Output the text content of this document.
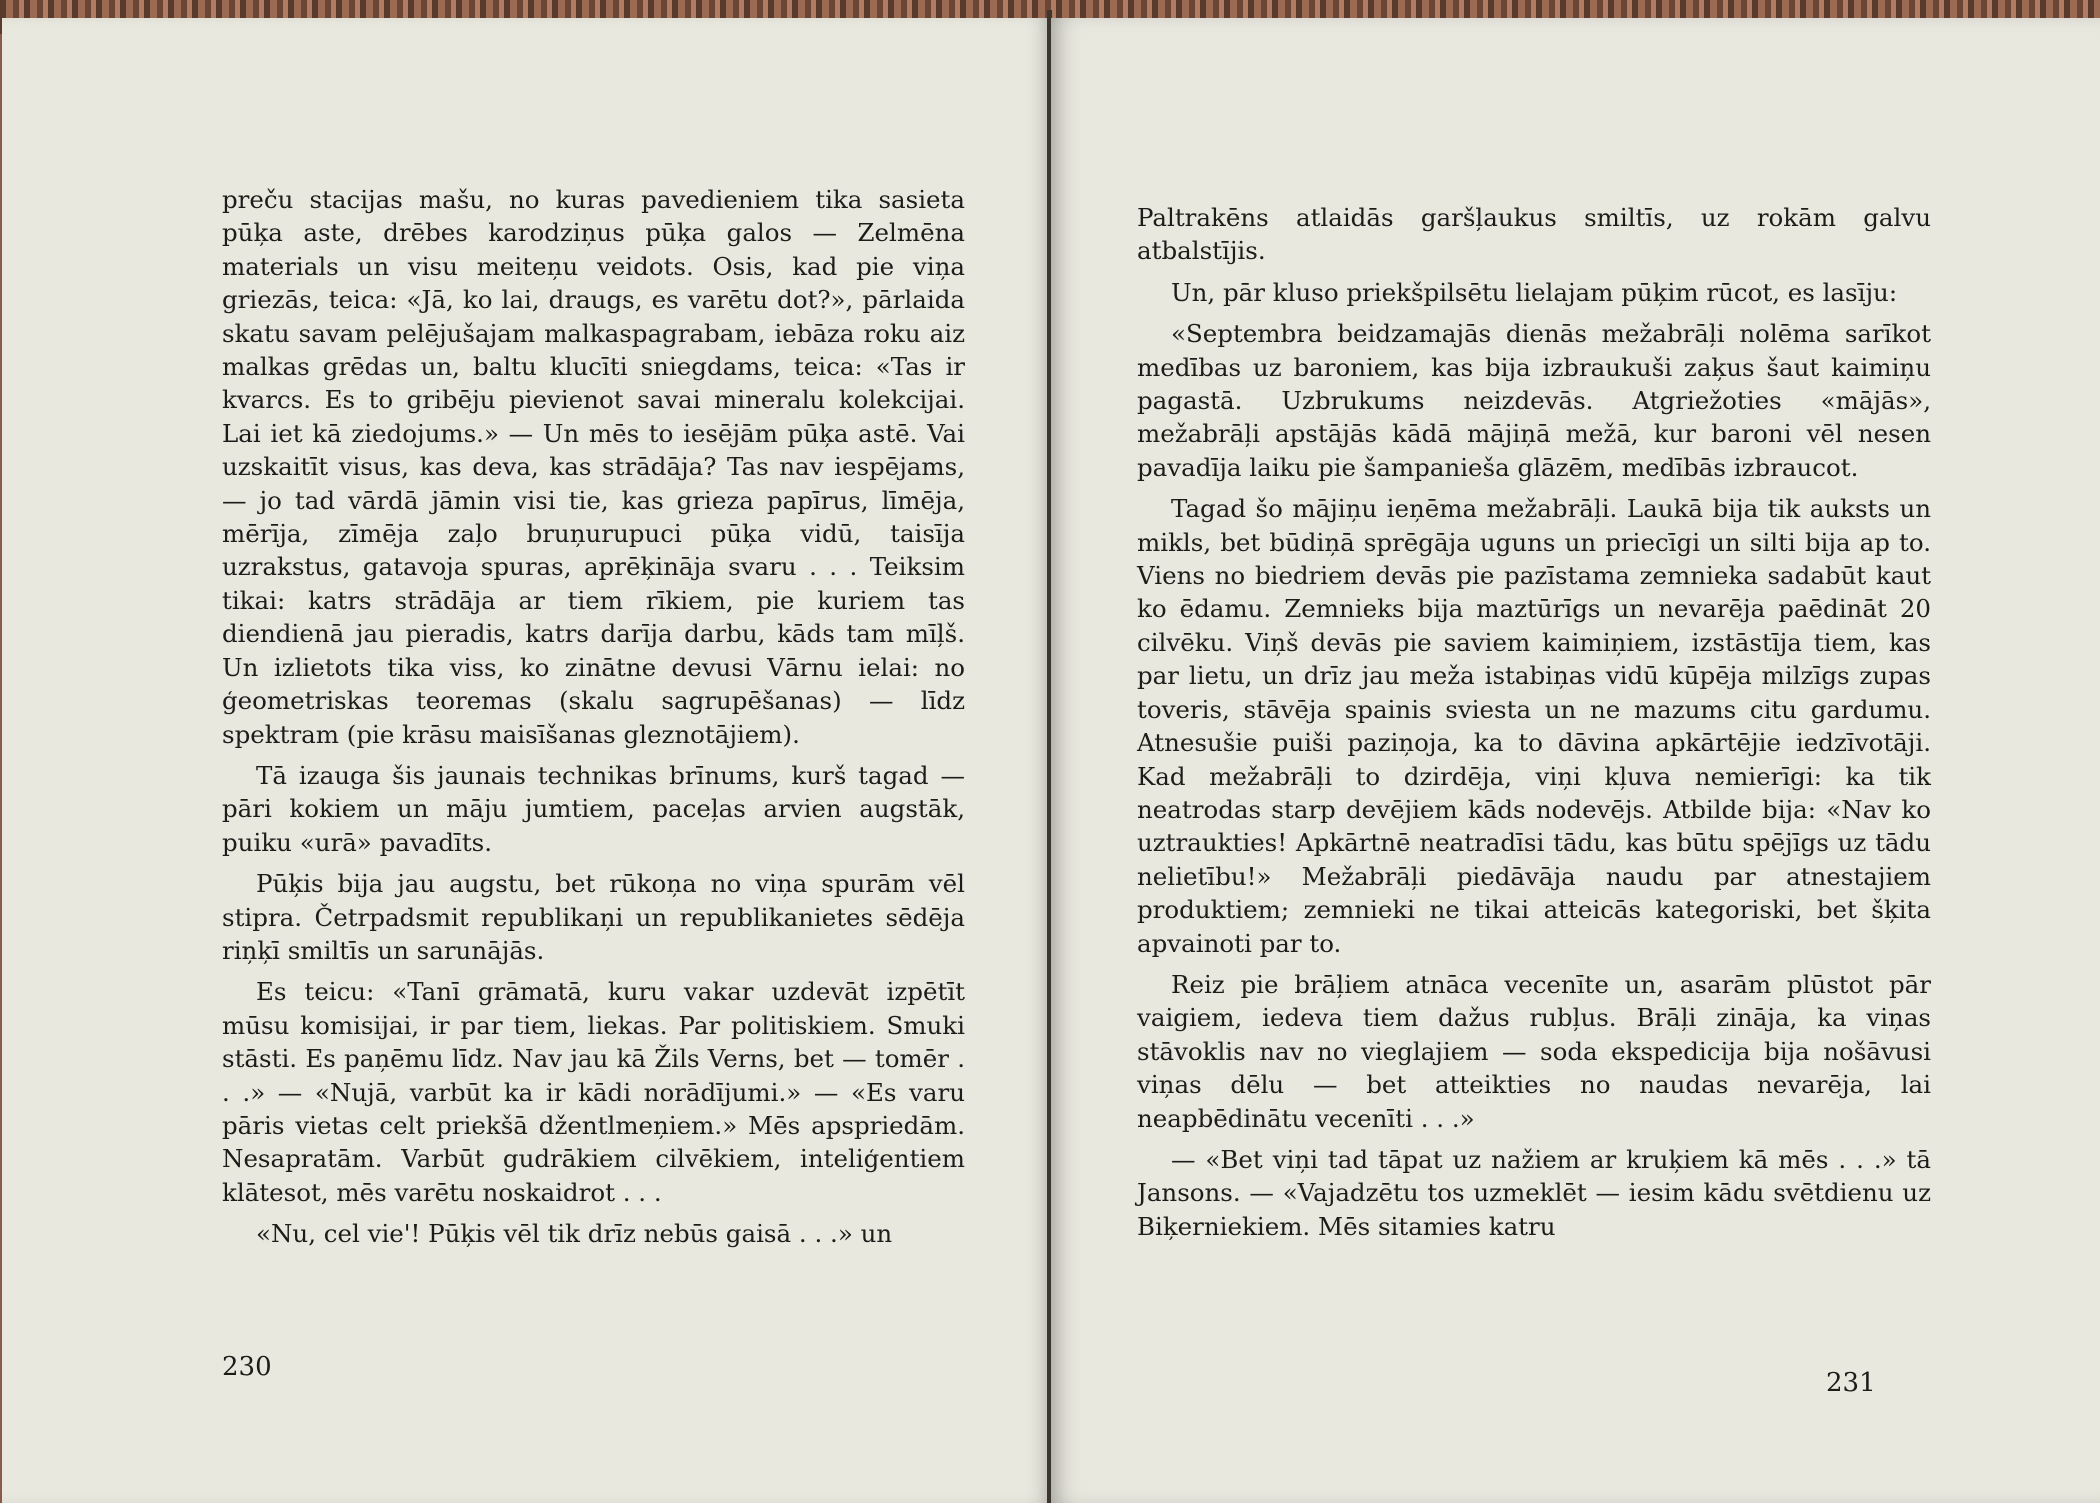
preču stacijas mašu, no kuras pavedieniem tika sasieta pūķa aste, drēbes karodziņus pūķa galos — Zelmēna materials un visu meiteņu veidots. Osis, kad pie viņa griezās, teica: «Jā, ko lai, draugs, es varētu dot?», pārlaida skatu savam pelējušajam malkaspagrabam, iebāza roku aiz malkas grēdas un, baltu klucīti sniegdams, teica: «Tas ir kvarcs. Es to gribēju pievienot savai mineralu kolekcijai. Lai iet kā ziedojums.» — Un mēs to iesējām pūķa astē. Vai uzskaitīt visus, kas deva, kas strādāja? Tas nav iespējams, — jo tad vārdā jāmin visi tie, kas grieza papīrus, līmēja, mērīja, zīmēja zaļo bruņurupuci pūķa vidū, taisīja uzrakstus, gatavoja spuras, aprēķināja svaru . . . Teiksim tikai: katrs strādāja ar tiem rīkiem, pie kuriem tas diendienā jau pieradis, katrs darīja darbu, kāds tam mīļš. Un izlietots tika viss, ko zinātne devusi Vārnu ielai: no ģeometriskas teoremas (skalu sagrupēšanas) — līdz spektram (pie krāsu maisīšanas gleznotājiem).

Tā izauga šis jaunais technikas brīnums, kurš tagad — pāri kokiem un māju jumtiem, paceļas arvien augstāk, puiku «urā» pavadīts.

Pūķis bija jau augstu, bet rūkoņa no viņa spurām vēl stipra. Četrpadsmit republikaņi un republikanietes sēdēja riņķī smiltīs un sarunājās.

Es teicu: «Tanī grāmatā, kuru vakar uzdevāt izpētīt mūsu komisijai, ir par tiem, liekas. Par politiskiem. Smuki stāsti. Es paņēmu līdz. Nav jau kā Žils Verns, bet — tomēr . . .» — «Nujā, varbūt ka ir kādi norādījumi.» — «Es varu pāris vietas celt priekšā džentlmeņiem.» Mēs apspriedām. Nesapratām. Varbūt gudrākiem cilvēkiem, inteliģentiem klātesot, mēs varētu noskaidrot . . .

«Nu, cel vie'! Pūķis vēl tik drīz nebūs gaisā . . .» un

230

Paltrakēns atlaidās garšļaukus smiltīs, uz rokām galvu atbalstījis.

Un, pār kluso priekšpilsētu lielajam pūķim rūcot, es lasīju:

«Septembra beidzamajās dienās mežabrāļi nolēma sarīkot medības uz baroniem, kas bija izbraukuši zaķus šaut kaimiņu pagastā. Uzbrukums neizdevās. Atgriežoties «mājās», mežabrāļi apstājās kādā mājiņā mežā, kur baroni vēl nesen pavadīja laiku pie šampanieša glāzēm, medībās izbraucot.

Tagad šo mājiņu ieņēma mežabrāļi. Laukā bija tik auksts un mikls, bet būdiņā sprēgāja uguns un priecīgi un silti bija ap to. Viens no biedriem devās pie pazīstama zemnieka sadabūt kaut ko ēdamu. Zemnieks bija maztūrīgs un nevarēja paēdināt 20 cilvēku. Viņš devās pie saviem kaimiņiem, izstāstīja tiem, kas par lietu, un drīz jau meža istabiņas vidū kūpēja milzīgs zupas toveris, stāvēja spainis sviesta un ne mazums citu gardumu. Atnesušie puiši paziņoja, ka to dāvina apkārtējie iedzīvotāji. Kad mežabrāļi to dzirdēja, viņi kļuva nemierīgi: ka tik neatrodas starp devējiem kāds nodevējs. Atbilde bija: «Nav ko uztraukties! Apkārtnē neatradīsi tādu, kas būtu spējīgs uz tādu nelietību!» Mežabrāļi piedāvāja naudu par atnestajiem produktiem; zemnieki ne tikai atteicās kategoriski, bet šķita apvainoti par to.

Reiz pie brāļiem atnāca vecenīte un, asarām plūstot pār vaigiem, iedeva tiem dažus rubļus. Brāļi zināja, ka viņas stāvoklis nav no vieglajiem — soda ekspedicija bija nošāvusi viņas dēlu — bet atteikties no naudas nevarēja, lai neapbēdinātu vecenīti . . .»

— «Bet viņi tad tāpat uz nažiem ar kruķiem kā mēs . . .» tā Jansons. — «Vajadzētu tos uzmeklēt — iesim kādu svētdienu uz Biķerniekiem. Mēs sitamies katru

231
